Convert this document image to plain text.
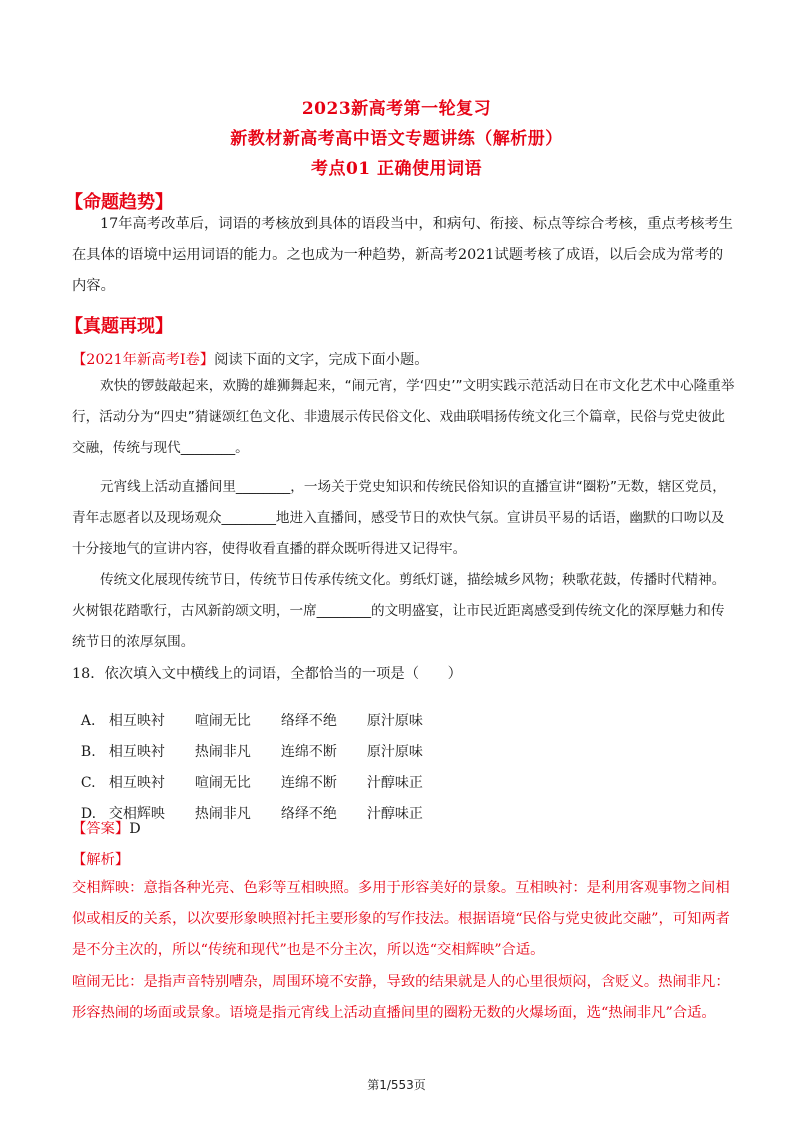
2023新高考第一轮复习
新教材新高考高中语文专题讲练（解析册）
考点01 正确使用词语
【命题趋势】
17年高考改革后，词语的考核放到具体的语段当中，和病句、衔接、标点等综合考核，重点考核考生在具体的语境中运用词语的能力。之也成为一种趋势，新高考2021试题考核了成语，以后会成为常考的内容。
【真题再现】
【2021年新高考I卷】阅读下面的文字，完成下面小题。
欢快的锣鼓敲起来，欢腾的雄狮舞起来，“闹元宵，学‘四史’”文明实践示范活动日在市文化艺术中心隆重举行，活动分为“四史”猜谜颂红色文化、非遗展示传民俗文化、戏曲联唱扬传统文化三个篇章，民俗与党史彼此交融，传统与现代________。
元宵线上活动直播间里________，一场关于党史知识和传统民俗知识的直播宣讲“圈粉”无数，辖区党员，青年志愿者以及现场观众________地进入直播间，感受节日的欢快气氛。宣讲员平易的话语，幽默的口吻以及十分接地气的宣讲内容，使得收看直播的群众既听得进又记得牢。
传统文化展现传统节日，传统节日传承传统文化。剪纸灯谜，描绘城乡风物；秧歌花鼓，传播时代精神。火树银花踏歌行，古风新韵颂文明，一席________的文明盛宴，让市民近距离感受到传统文化的深厚魅力和传统节日的浓厚氛围。
18．依次填入文中横线上的词语，全都恰当的一项是（　　）

A. 相互映衬 喧闹无比 络绎不绝 原汁原味

B. 相互映衬 热闹非凡 连绵不断 原汁原味

C. 相互映衬 喧闹无比 连绵不断 汁醇味正

D. 交相辉映 热闹非凡 络绎不绝 汁醇味正

【答案】D
【解析】
交相辉映：意指各种光亮、色彩等互相映照。多用于形容美好的景象。互相映衬：是利用客观事物之间相似或相反的关系，以次要形象映照衬托主要形象的写作技法。根据语境“民俗与党史彼此交融”，可知两者是不分主次的，所以“传统和现代”也是不分主次，所以选“交相辉映”合适。
喧闹无比：是指声音特别嘈杂，周围环境不安静，导致的结果就是人的心里很烦闷，含贬义。热闹非凡：形容热闹的场面或景象。语境是指元宵线上活动直播间里的圈粉无数的火爆场面，选“热闹非凡”合适。
第1/553页
